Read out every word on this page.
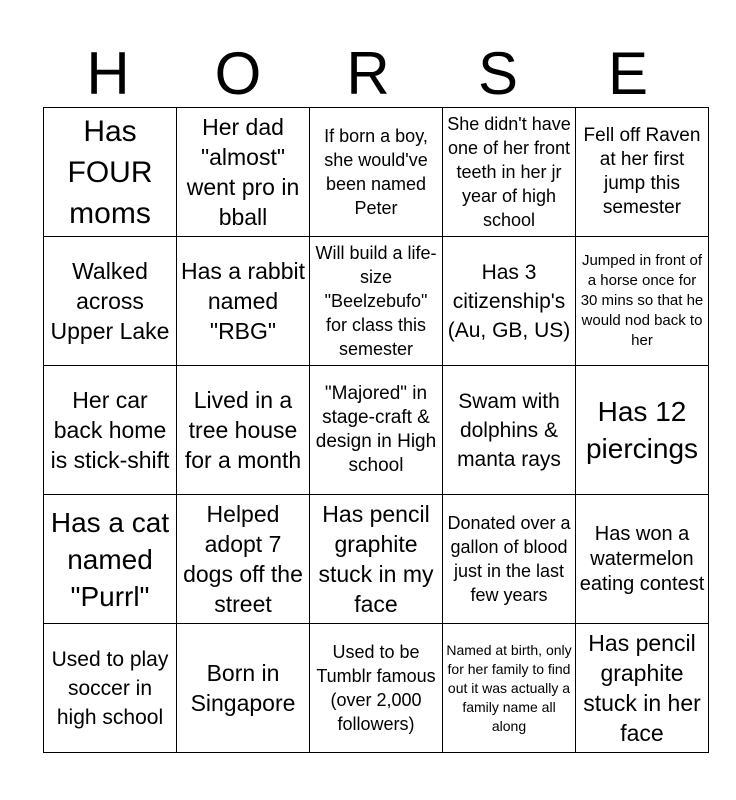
H	O	R	S	E
Has FOUR moms	Her dad "almost" went pro in bball	If born a boy, she would've been named Peter	She didn't have one of her front teeth in her jr year of high school	Fell off Raven at her first jump this semester

Walked across Upper Lake	Has a rabbit named "RBG"	Will build a life-size "Beelzebufo" for class this semester	Has 3 citizenship's (Au, GB, US)	Jumped in front of a horse once for 30 mins so that he would nod back to her

Her car back home is stick-shift	Lived in a tree house for a month	"Majored" in stage-craft & design in High school	Swam with dolphins & manta rays	Has 12 piercings

Has a cat named "Purrl"	Helped adopt 7 dogs off the street	Has pencil graphite stuck in my face	Donated over a gallon of blood just in the last few years	Has won a watermelon eating contest

Used to play soccer in high school	Born in Singapore	Used to be Tumblr famous (over 2,000 followers)	Named at birth, only for her family to find out it was actually a family name all along	Has pencil graphite stuck in her face
